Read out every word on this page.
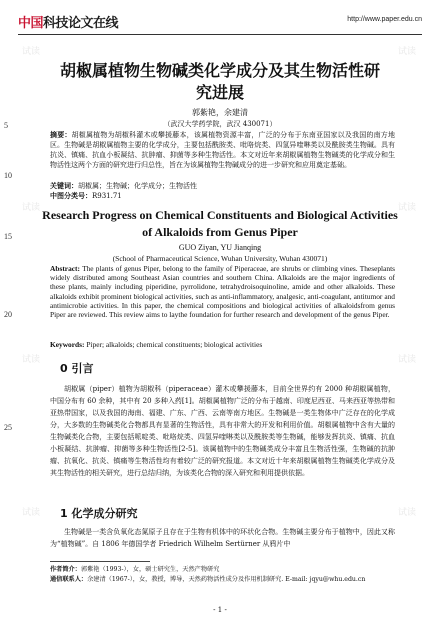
中国科技论文在线	http://www.paper.edu.cn
试读	试读
试读	试读
试读	试读
试读	试读
5
10
15
20
25
胡椒属植物生物碱类化学成分及其生物活性研究进展
郭紫艳，余建清
（武汉大学药学院，武汉 430071）
摘要：胡椒属植物为胡椒科灌木或攀援藤本，该属植物资源丰富，广泛的分布于东南亚国家以及我国的南方地区。生物碱是胡椒属植物主要的化学成分，主要包括酰胺类、吡咯烷类、四氢异喹啉类以及酰胺类生物碱。具有抗炎、镇痛、抗血小板凝结、抗肿瘤、抑菌等多种生物活性。本文对近年来胡椒属植物生物碱类的化学成分和生物活性这两个方面的研究进行归总性，旨在为该属植物生物碱成分的进一步研究和应用奠定基础。
关键词：胡椒属；生物碱；化学成分；生物活性
中图分类号：R931.71
Research Progress on Chemical Constituents and Biological Activities of Alkaloids from Genus Piper
GUO Ziyan, YU Jianqing
(School of Pharmaceutical Science, Wuhan University, Wuhan 430071)
Abstract: The plants of genus Piper, belong to the family of Piperaceae, are shrubs or climbing vines. Theseplants widely distributed among Southeast Asian countries and southern China. Alkaloids are the major ingredients of these plants, mainly including piperidine, pyrrolidone, tetrahydroisoquinoline, amide and other alkaloids. These alkaloids exhibit prominent biological activities, such as anti-inflammatory, analgesic, anti-coagulant, antitumor and antimicrobie activities. In this paper, the chemical compositions and biological activities of alkaloidsfrom genus Piper are reviewed. This review aims to laythe foundation for further research and development of the genus Piper.
Keywords: Piper; alkaloids; chemical constituents; biological activities
0 引言
胡椒属（piper）植物为胡椒科（piperaceae）灌木或攀援藤本，目前全世界约有 2000 种胡椒属植物，中国分布有 60 余种，其中有 20 多种入药[1]。胡椒属植物广泛的分布于越南、印度尼西亚、马来西亚等热带和亚热带国家，以及我国的海南、福建、广东、广西、云南等南方地区。生物碱是一类生物体中广泛存在的化学成分，大多数的生物碱类化合物都具有显著的生物活性，具有非常大的开发和利用价值。胡椒属植物中含有大量的生物碱类化合物，主要包括哌啶类、吡咯烷类、四氢异喹啉类以及酰胺类等生物碱，能够发挥抗炎、镇痛、抗血小板凝结、抗肿瘤、抑菌等多种生物活性[2-5]。该属植物中的生物碱类成分丰富且生物活性强，生物碱的抗肿瘤、抗氧化、抗炎、镇痛等生物活性均有着较广泛的研究报道。本文对近十年来胡椒属植物生物碱类化学成分及其生物活性的相关研究，进行总结归纳，为该类化合物的深入研究和利用提供依据。
1 化学成分研究
生物碱是一类含负氧化态氮原子且存在于生物有机体中的环状化合物。生物碱主要分布于植物中，因此又称为“植物碱”。自 1806 年德国学者 Friedrich Wilhelm Sertürner 从鸦片中
作者简介：郭紫艳（1993-），女，硕士研究生，天然产物研究
通信联系人：余建清（1967-），女，教授，博导，天然药物活性成分及作用机制研究. E-mail: jqyu@whu.edu.cn
- 1 -
